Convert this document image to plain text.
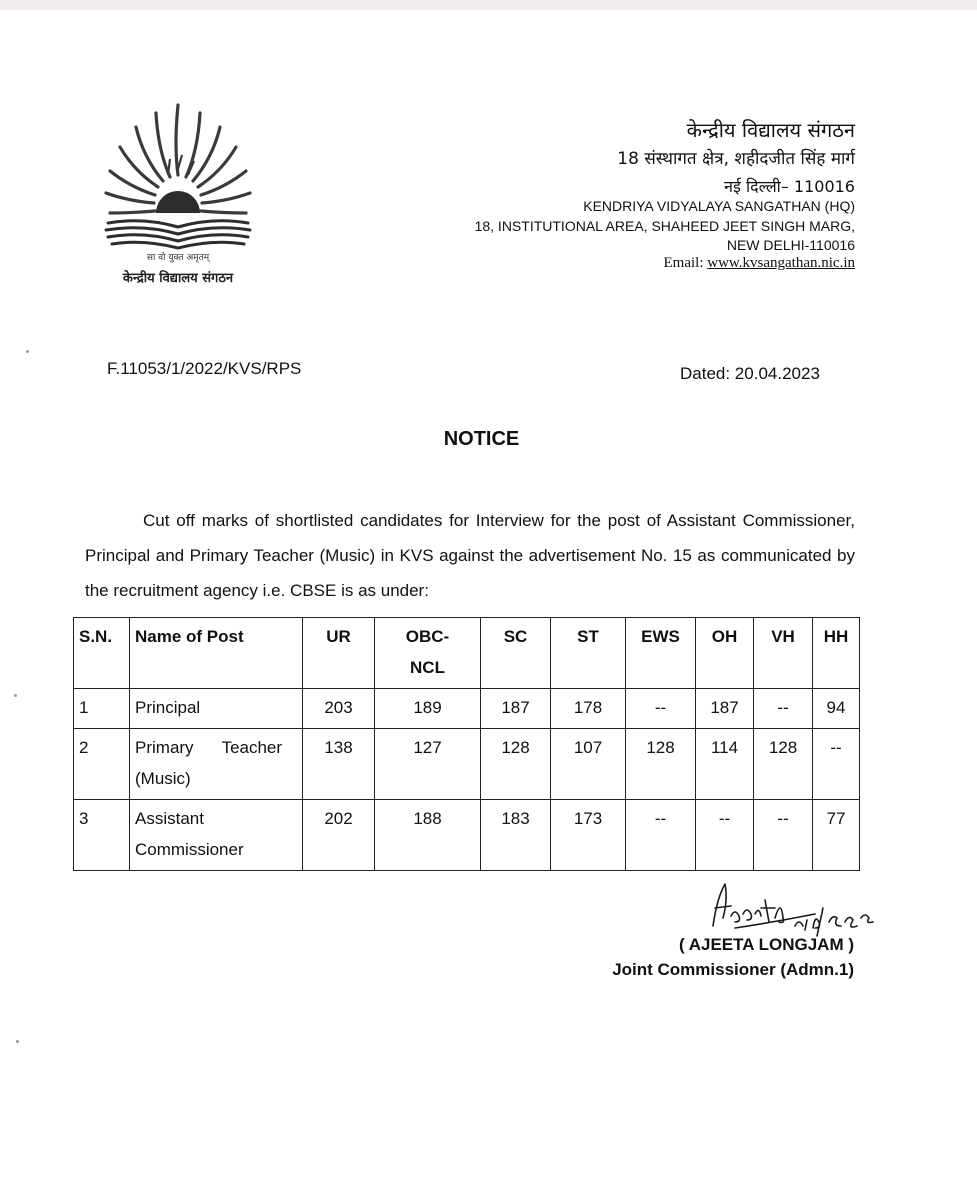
सा वो युक्त अमृतम्
केन्द्रीय विद्यालय संगठन
केन्द्रीय विद्यालय संगठन
18 संस्थागत क्षेत्र, शहीदजीत सिंह मार्ग
नई दिल्ली– 110016
KENDRIYA VIDYALAYA SANGATHAN (HQ)
18, INSTITUTIONAL AREA, SHAHEED JEET SINGH MARG,
NEW DELHI-110016
Email: www.kvsangathan.nic.in
F.11053/1/2022/KVS/RPS	Dated: 20.04.2023
NOTICE

Cut off marks of shortlisted candidates for Interview for the post of Assistant Commissioner, Principal and Primary Teacher (Music) in KVS against the advertisement No. 15 as communicated by the recruitment agency i.e. CBSE is as under:

S.N.	Name of Post	UR	OBC-
NCL	SC	ST	EWS	OH	VH	HH
1	Principal	203	189	187	178	--	187	--	94
2	Primary Teacher
(Music)	138	127	128	107	128	114	128	--
3	Assistant
Commissioner	202	188	183	173	--	--	--	77
( AJEETA LONGJAM )
Joint Commissioner (Admn.1)
